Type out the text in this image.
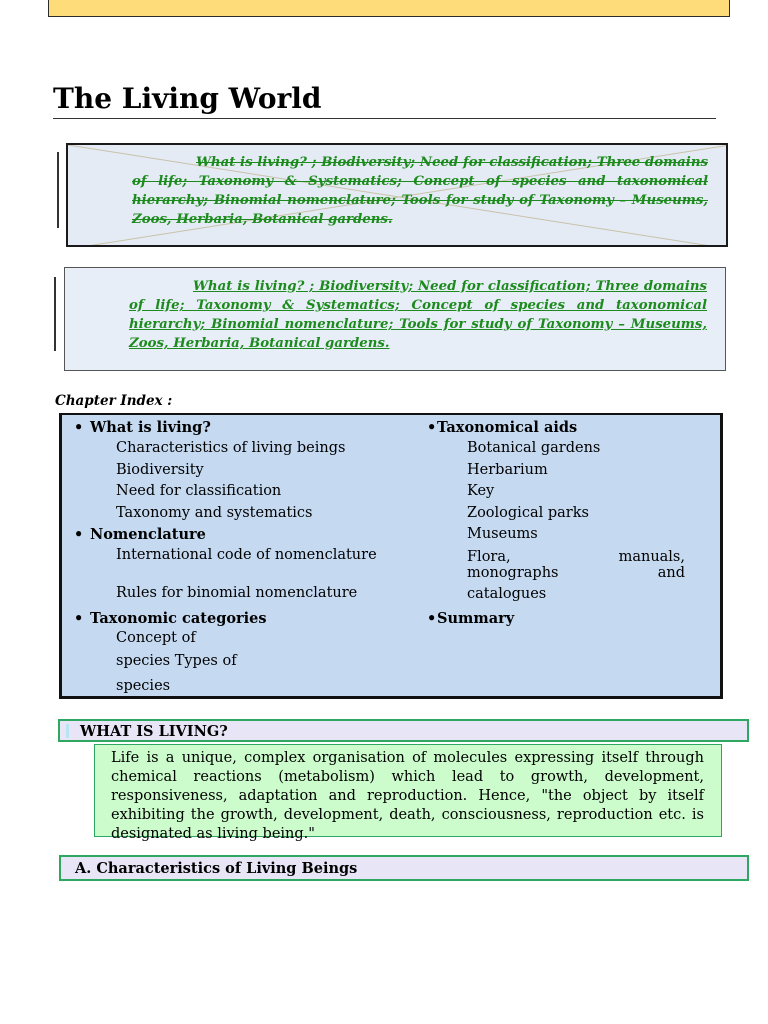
The Living World
What is living? ; Biodiversity; Need for classification; Three domains of life; Taxonomy & Systematics; Concept of species and taxonomical hierarchy; Binomial nomenclature; Tools for study of Taxonomy – Museums, Zoos, Herbaria, Botanical gardens.
What is living? ; Biodiversity; Need for classification; Three domains of life; Taxonomy & Systematics; Concept of species and taxonomical hierarchy; Binomial nomenclature; Tools for study of Taxonomy – Museums, Zoos, Herbaria, Botanical gardens.
Chapter Index :
• What is living?
Characteristics of living beings
Biodiversity
Need for classification
Taxonomy and systematics
• Nomenclature
International code of nomenclature
Rules for binomial nomenclature
• Taxonomic categories
Concept of
species Types of
species
•Taxonomical aids
Botanical gardens
Herbarium
Key
Zoological parks
Museums
Flora, manuals, monographs and
catalogues
•Summary
WHAT IS LIVING?
Life is a unique, complex organisation of molecules expressing itself through chemical reactions (metabolism) which lead to growth, development, responsiveness, adaptation and reproduction. Hence, "the object by itself exhibiting the growth, development, death, consciousness, reproduction etc. is designated as living being."
A. Characteristics of Living Beings
